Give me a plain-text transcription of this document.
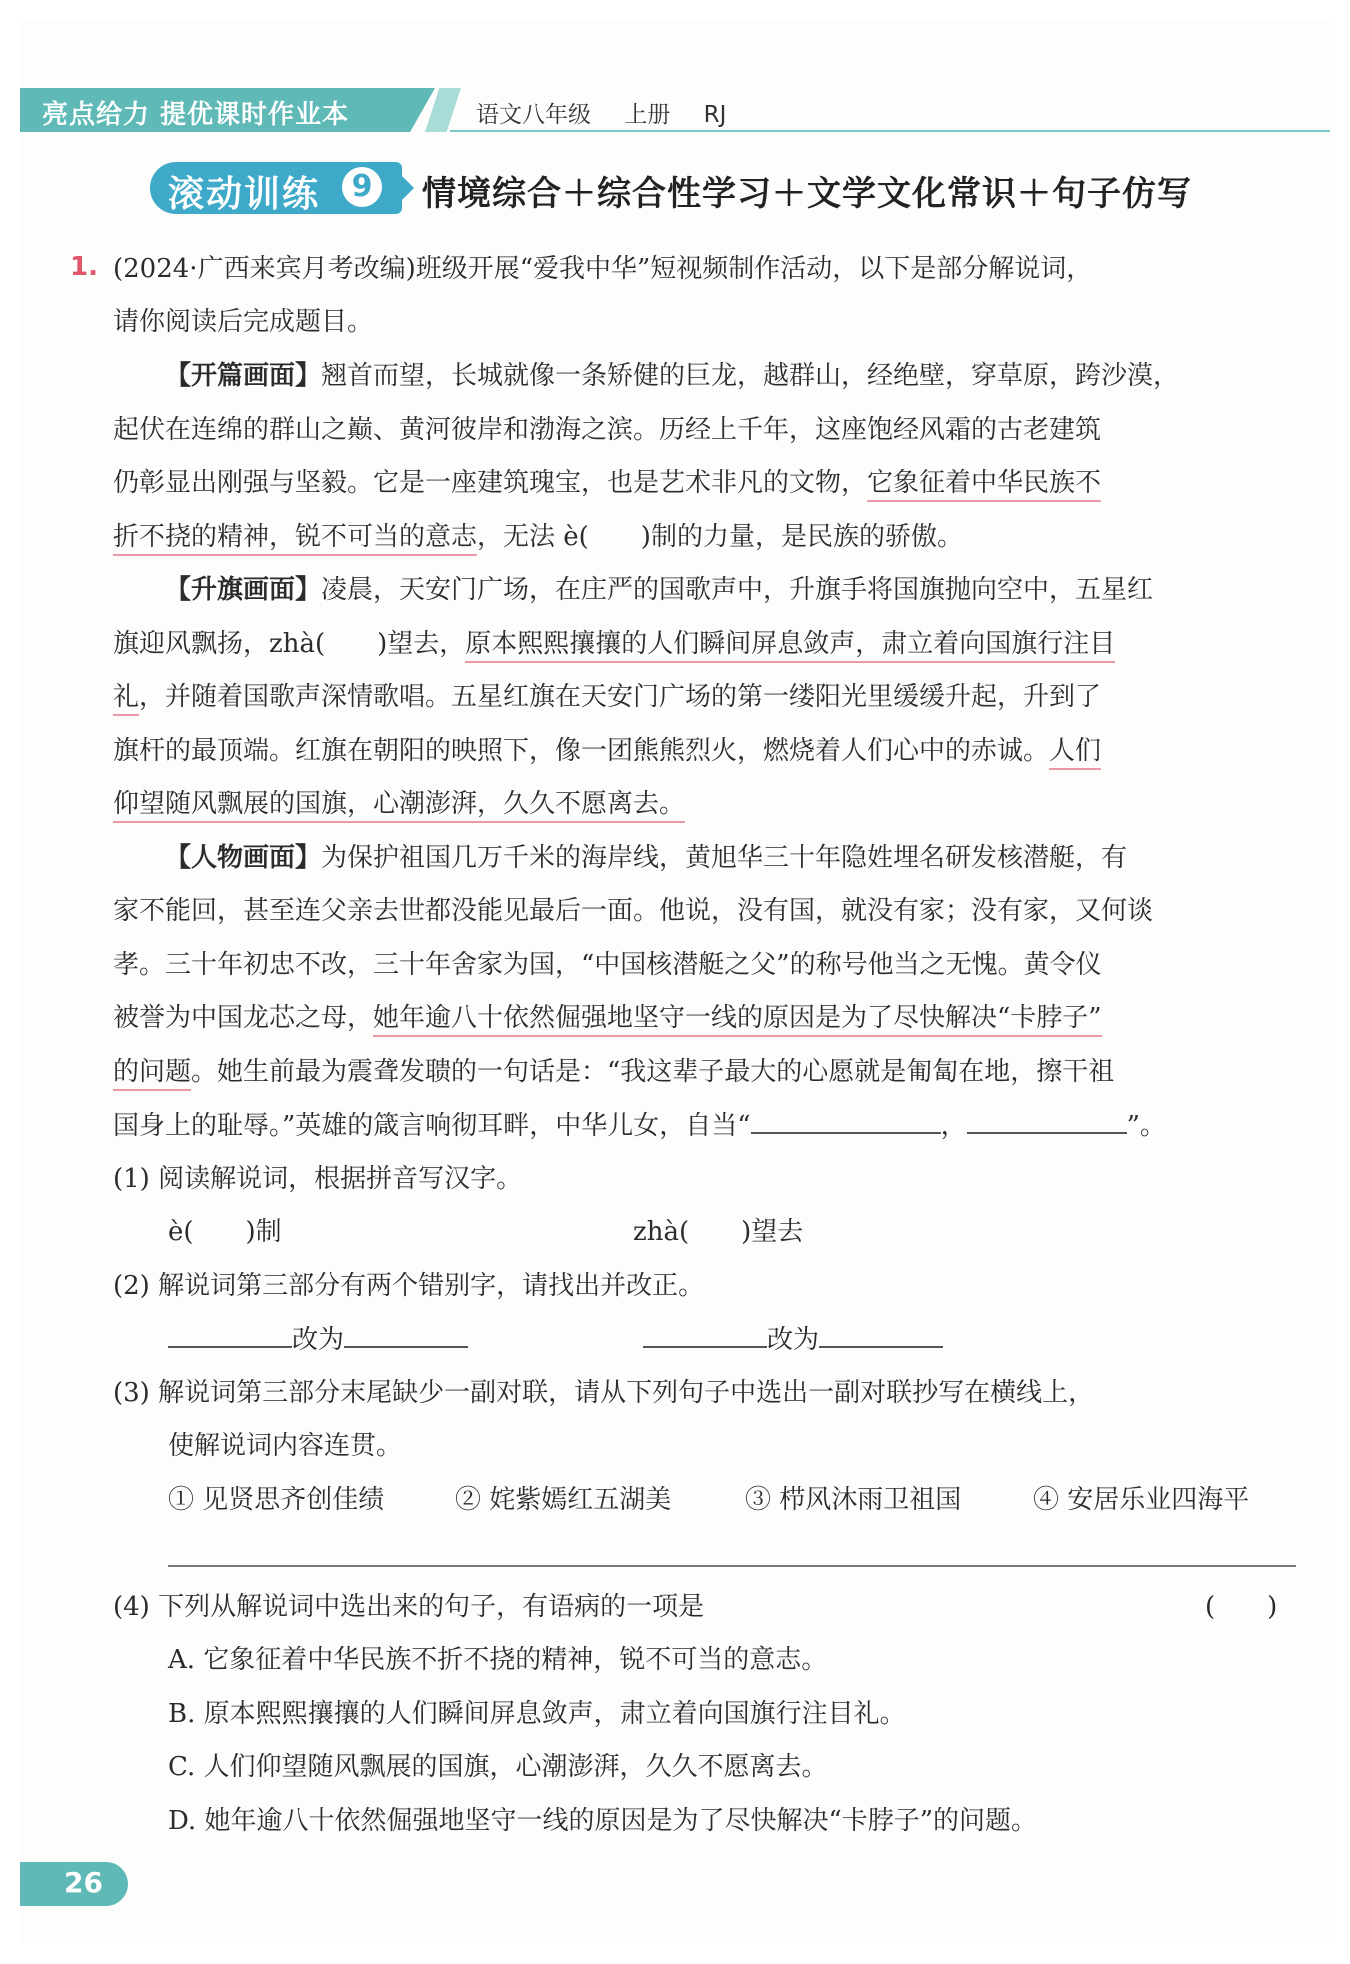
亮点给力 提优课时作业本	语文八年级 上册 RJ
滚动训练	9 情境综合＋综合性学习＋文学文化常识＋句子仿写
1. (2024·广西来宾月考改编)班级开展“爱我中华”短视频制作活动，以下是部分解说词，
请你阅读后完成题目。
【开篇画面】翘首而望，长城就像一条矫健的巨龙，越群山，经绝壁，穿草原，跨沙漠，
起伏在连绵的群山之巅、黄河彼岸和渤海之滨。历经上千年，这座饱经风霜的古老建筑
仍彰显出刚强与坚毅。它是一座建筑瑰宝，也是艺术非凡的文物，它象征着中华民族不
折不挠的精神，锐不可当的意志，无法 è(　　)制的力量，是民族的骄傲。
【升旗画面】凌晨，天安门广场，在庄严的国歌声中，升旗手将国旗抛向空中，五星红
旗迎风飘扬，zhà(　　)望去，原本熙熙攘攘的人们瞬间屏息敛声，肃立着向国旗行注目
礼，并随着国歌声深情歌唱。五星红旗在天安门广场的第一缕阳光里缓缓升起，升到了
旗杆的最顶端。红旗在朝阳的映照下，像一团熊熊烈火，燃烧着人们心中的赤诚。人们
仰望随风飘展的国旗，心潮澎湃，久久不愿离去。
【人物画面】为保护祖国几万千米的海岸线，黄旭华三十年隐姓埋名研发核潜艇，有
家不能回，甚至连父亲去世都没能见最后一面。他说，没有国，就没有家；没有家，又何谈
孝。三十年初忠不改，三十年舍家为国，“中国核潜艇之父”的称号他当之无愧。黄令仪
被誉为中国龙芯之母，她年逾八十依然倔强地坚守一线的原因是为了尽快解决“卡脖子”
的问题。她生前最为震聋发聩的一句话是：“我这辈子最大的心愿就是匍匐在地，擦干祖
国身上的耻辱。”英雄的箴言响彻耳畔，中华儿女，自当“	，	”。
(1) 阅读解说词，根据拼音写汉字。
è(　　)制	zhà(　　)望去
(2) 解说词第三部分有两个错别字，请找出并改正。
改为	改为
(3) 解说词第三部分末尾缺少一副对联，请从下列句子中选出一副对联抄写在横线上，
使解说词内容连贯。
① 见贤思齐创佳绩	② 姹紫嫣红五湖美	③ 栉风沐雨卫祖国	④ 安居乐业四海平
(4) 下列从解说词中选出来的句子，有语病的一项是	(　　)
A. 它象征着中华民族不折不挠的精神，锐不可当的意志。
B. 原本熙熙攘攘的人们瞬间屏息敛声，肃立着向国旗行注目礼。
C. 人们仰望随风飘展的国旗，心潮澎湃，久久不愿离去。
D. 她年逾八十依然倔强地坚守一线的原因是为了尽快解决“卡脖子”的问题。
26
